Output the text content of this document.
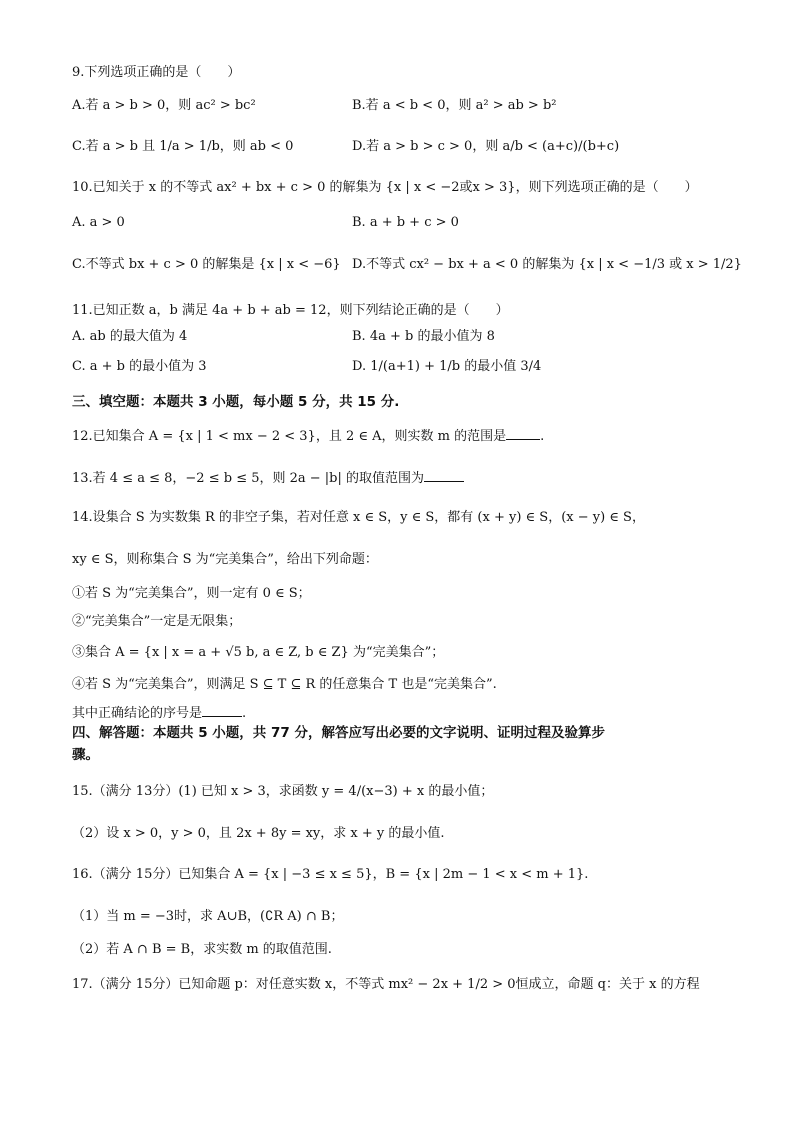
9.下列选项正确的是（　　）
A.若 a > b > 0，则 ac² > bc²	B.若 a < b < 0，则 a² > ab > b²
C.若 a > b 且 1/a > 1/b，则 ab < 0	D.若 a > b > c > 0，则 a/b < (a+c)/(b+c)
10.已知关于 x 的不等式 ax² + bx + c > 0 的解集为 {x | x < −2或x > 3}，则下列选项正确的是（　　）
A. a > 0	B. a + b + c > 0
C.不等式 bx + c > 0 的解集是 {x | x < −6} D.不等式 cx² − bx + a < 0 的解集为 {x | x < −1/3 或 x > 1/2}
11.已知正数 a，b 满足 4a + b + ab = 12，则下列结论正确的是（　　）
A. ab 的最大值为 4	B. 4a + b 的最小值为 8
C. a + b 的最小值为 3	D. 1/(a+1) + 1/b 的最小值 3/4
三、填空题：本题共 3 小题，每小题 5 分，共 15 分.
12.已知集合 A = {x | 1 < mx − 2 < 3}，且 2 ∈ A，则实数 m 的范围是	.
13.若 4 ≤ a ≤ 8，−2 ≤ b ≤ 5，则 2a − |b| 的取值范围为
14.设集合 S 为实数集 R 的非空子集，若对任意 x ∈ S，y ∈ S，都有 (x + y) ∈ S，(x − y) ∈ S，
xy ∈ S，则称集合 S 为“完美集合”，给出下列命题：
①若 S 为“完美集合”，则一定有 0 ∈ S；
②“完美集合”一定是无限集；
③集合 A = {x | x = a + √5 b, a ∈ Z, b ∈ Z} 为“完美集合”；
④若 S 为“完美集合”，则满足 S ⊆ T ⊆ R 的任意集合 T 也是“完美集合”.
其中正确结论的序号是	.
四、解答题：本题共 5 小题，共 77 分，解答应写出必要的文字说明、证明过程及验算步
骤。
15.（满分 13分）(1) 已知 x > 3，求函数 y = 4/(x−3) + x 的最小值；
（2）设 x > 0，y > 0，且 2x + 8y = xy，求 x + y 的最小值.
16.（满分 15分）已知集合 A = {x | −3 ≤ x ≤ 5}，B = {x | 2m − 1 < x < m + 1}.
（1）当 m = −3时，求 A∪B，(∁R A) ∩ B；
（2）若 A ∩ B = B，求实数 m 的取值范围.
17.（满分 15分）已知命题 p：对任意实数 x，不等式 mx² − 2x + 1/2 > 0恒成立，命题 q：关于 x 的方程
